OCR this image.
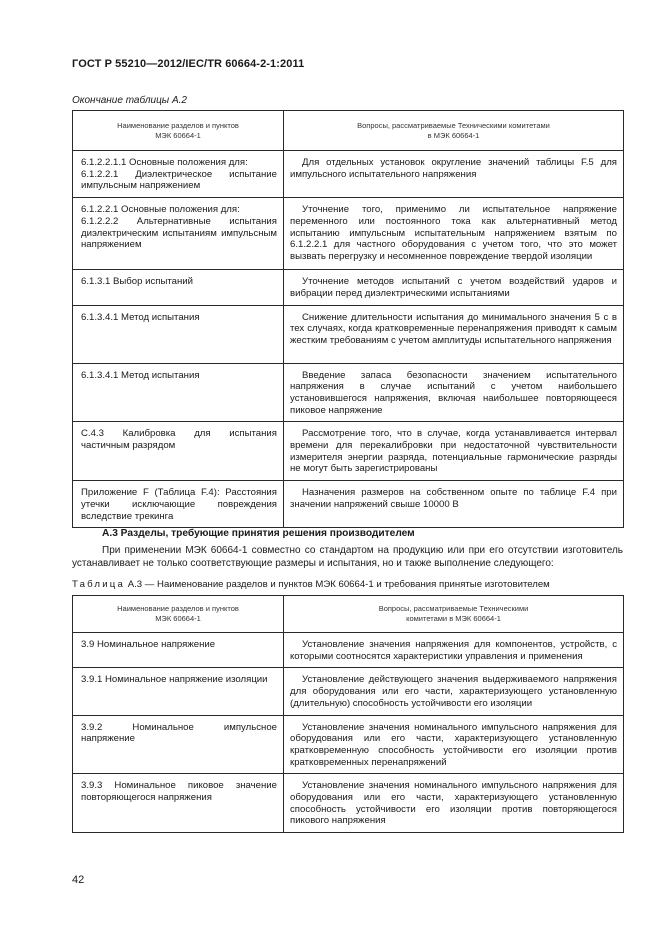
ГОСТ Р 55210—2012/IEC/TR 60664-2-1:2011
Окончание таблицы А.2
Наименование разделов и пунктов
МЭК 60664-1	Вопросы, рассматриваемые Техническими комитетами
в МЭК 60664-1
6.1.2.2.1.1 Основные положения для:
6.1.2.2.1 Диэлектрическое испытание импульсным напряжением	Для отдельных установок округление значений таблицы F.5 для импульсного испытательного напряжения
6.1.2.2.1 Основные положения для:
6.1.2.2.2 Альтернативные испытания диэлектрическим испытаниям импульсным напряжением	Уточнение того, применимо ли испытательное напряжение переменного или постоянного тока как альтернативный метод испытанию импульсным испытательным напряжением взятым по 6.1.2.2.1 для частного оборудования с учетом того, что это может вызвать перегрузку и несомненное повреждение твердой изоляции
6.1.3.1 Выбор испытаний	Уточнение методов испытаний с учетом воздействий ударов и вибрации перед диэлектрическими испытаниями
6.1.3.4.1 Метод испытания	Снижение длительности испытания до минимального значения 5 с в тех случаях, когда кратковременные перенапряжения приводят к самым жестким требованиям с учетом амплитуды испытательного напряжения
6.1.3.4.1 Метод испытания	Введение запаса безопасности значением испытательного напряжения в случае испытаний с учетом наибольшего установившегося напряжения, включая наибольшее повторяющееся пиковое напряжение
С.4.3 Калибровка для испытания частичным разрядом	Рассмотрение того, что в случае, когда устанавливается интервал времени для перекалибровки при недостаточной чувствительности измерителя энергии разряда, потенциальные гармонические разряды не могут быть зарегистрированы
Приложение F (Таблица F.4): Расстояния утечки исключающие повреждения вследствие трекинга	Назначения размеров на собственном опыте по таблице F.4 при значении напряжений свыше 10000 В
А.3 Разделы, требующие принятия решения производителем
При применении МЭК 60664-1 совместно со стандартом на продукцию или при его отсутствии изготовитель устанавливает не только соответствующие размеры и испытания, но и также выполнение следующего:
Таблица А.3 — Наименование разделов и пунктов МЭК 60664-1 и требования принятые изготовителем
Наименование разделов и пунктов
МЭК 60664-1	Вопросы, рассматриваемые Техническими
комитетами в МЭК 60664-1
3.9 Номинальное напряжение	Установление значения напряжения для компонентов, устройств, с которыми соотносятся характеристики управления и применения
3.9.1 Номинальное напряжение изоляции	Установление действующего значения выдерживаемого напряжения для оборудования или его части, характеризующего установленную (длительную) способность устойчивости его изоляции
3.9.2 Номинальное импульсное напряжение	Установление значения номинального импульсного напряжения для оборудования или его части, характеризующего установленную кратковременную способность устойчивости его изоляции против кратковременных перенапряжений
3.9.3 Номинальное пиковое значение повторяющегося напряжения	Установление значения номинального импульсного напряжения для оборудования или его части, характеризующего установленную способность устойчивости его изоляции против повторяющегося пикового напряжения
42
